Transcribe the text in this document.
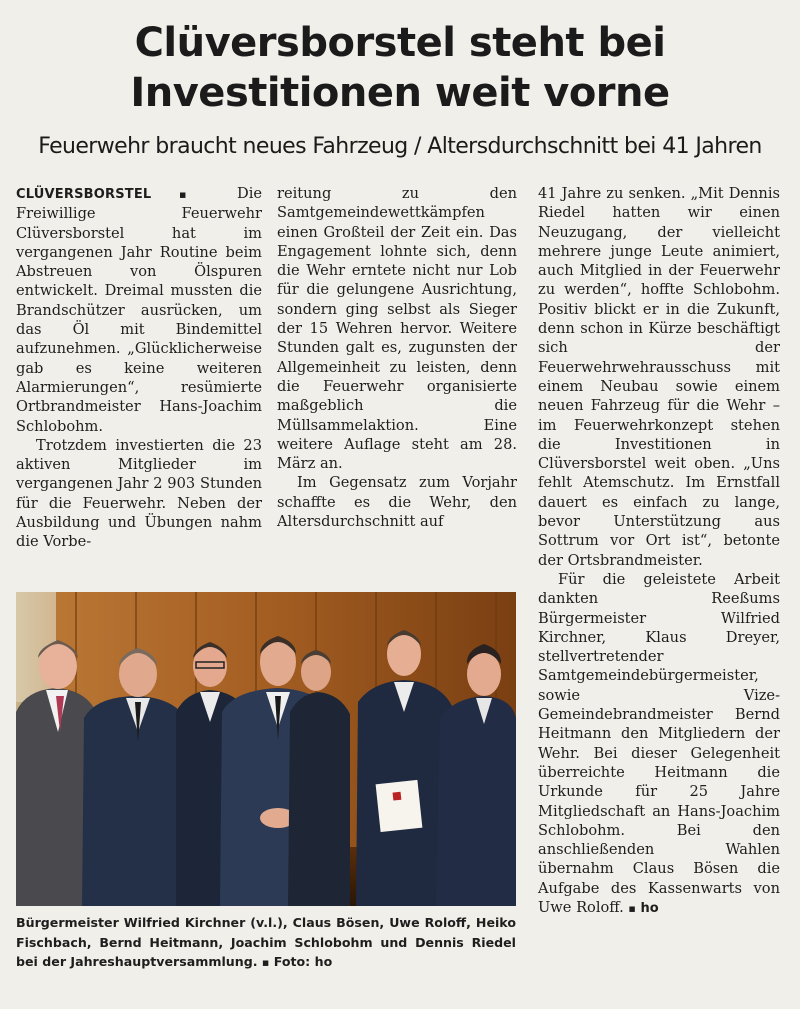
Clüversborstel steht bei
Investitionen weit vorne
Feuerwehr braucht neues Fahrzeug / Altersdurchschnitt bei 41 Jahren

CLÜVERSBORSTEL	▪ Die Freiwillige Feuerwehr Clüversborstel hat im vergangenen Jahr Routine beim Abstreuen von Ölspuren entwickelt. Dreimal mussten die Brandschützer ausrücken, um das Öl mit Bindemittel aufzunehmen. „Glücklicherweise gab es keine weiteren Alarmierungen“, resümierte Ortbrandmeister Hans-Joachim Schlobohm.

Trotzdem investierten die 23 aktiven Mitglieder im vergangenen Jahr 2 903 Stunden für die Feuerwehr. Neben der Ausbildung und Übungen nahm die Vorbe-

reitung zu den Samtgemeindewettkämpfen einen Großteil der Zeit ein. Das Engagement lohnte sich, denn die Wehr erntete nicht nur Lob für die gelungene Ausrichtung, sondern ging selbst als Sieger der 15 Wehren hervor. Weitere Stunden galt es, zugunsten der Allgemeinheit zu leisten, denn die Feuerwehr organisierte maßgeblich die Müllsammelaktion. Eine weitere Auflage steht am 28. März an.

Im Gegensatz zum Vorjahr schaffte es die Wehr, den Altersdurchschnitt auf

41 Jahre zu senken. „Mit Dennis Riedel hatten wir einen Neuzugang, der vielleicht mehrere junge Leute animiert, auch Mitglied in der Feuerwehr zu werden“, hoffte Schlobohm. Positiv blickt er in die Zukunft, denn schon in Kürze beschäftigt sich der Feuerwehrwehrausschuss mit einem Neubau sowie einem neuen Fahrzeug für die Wehr – im Feuerwehrkonzept stehen die Investitionen in Clüversborstel weit oben. „Uns fehlt Atemschutz. Im Ernstfall dauert es einfach zu lange, bevor Unterstützung aus Sottrum vor Ort ist“, betonte der Ortsbrandmeister.

Für die geleistete Arbeit dankten Reeßums Bürgermeister Wilfried Kirchner, Klaus Dreyer, stellvertretender Samtgemeindebürgermeister, sowie Vize-Gemeindebrandmeister Bernd Heitmann den Mitgliedern der Wehr. Bei dieser Gelegenheit überreichte Heitmann die Urkunde für 25 Jahre Mitgliedschaft an Hans-Joachim Schlobohm. Bei den anschließenden Wahlen übernahm Claus Bösen die Aufgabe des Kassenwarts von Uwe Roloff. ▪ ho

Bürgermeister Wilfried Kirchner (v.l.), Claus Bösen, Uwe Roloff, Heiko Fischbach, Bernd Heitmann, Joachim Schlobohm und Dennis Riedel bei der Jahreshauptversammlung. ▪ Foto: ho
